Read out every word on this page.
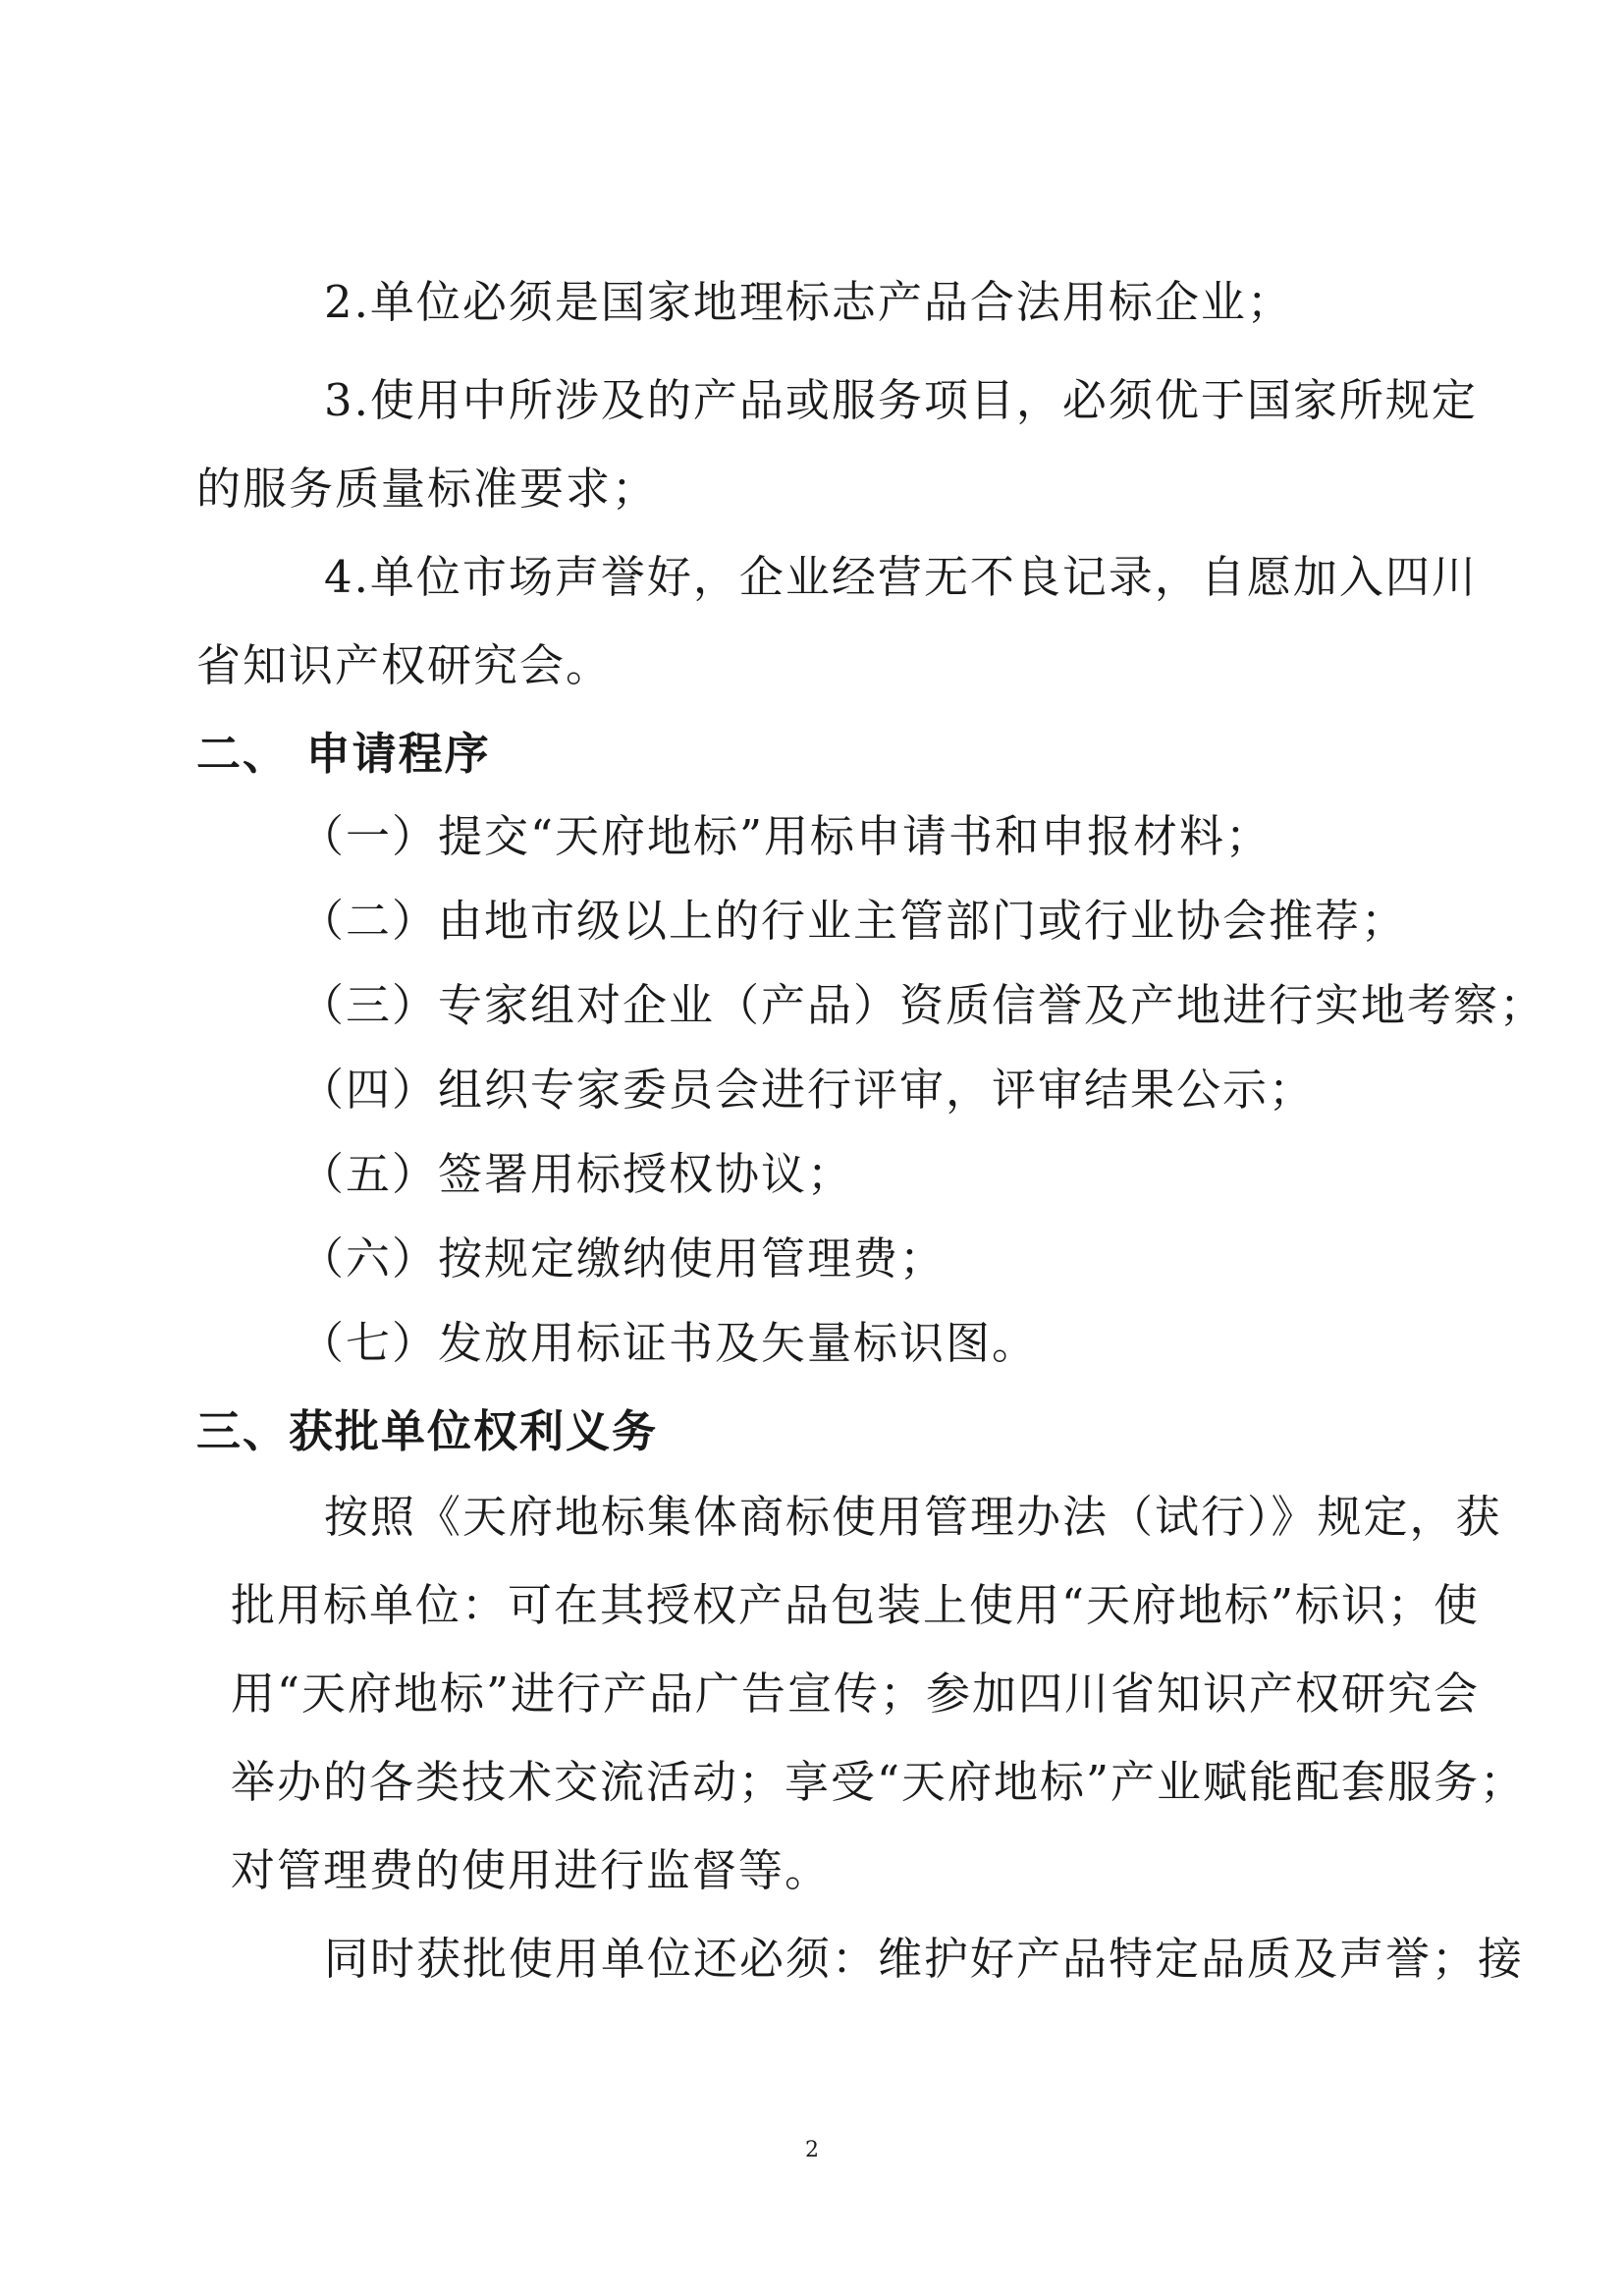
2.单位必须是国家地理标志产品合法用标企业；
3.使用中所涉及的产品或服务项目，必须优于国家所规定
的服务质量标准要求；
4.单位市场声誉好，企业经营无不良记录，自愿加入四川
省知识产权研究会。
二、 申请程序
（一）提交“天府地标”用标申请书和申报材料；
（二）由地市级以上的行业主管部门或行业协会推荐；
（三）专家组对企业（产品）资质信誉及产地进行实地考察；
（四）组织专家委员会进行评审，评审结果公示；
（五）签署用标授权协议；
（六）按规定缴纳使用管理费；
（七）发放用标证书及矢量标识图。
三、获批单位权利义务
按照《天府地标集体商标使用管理办法（试行）》规定，获
批用标单位：可在其授权产品包装上使用“天府地标”标识；使
用“天府地标”进行产品广告宣传；参加四川省知识产权研究会
举办的各类技术交流活动；享受“天府地标”产业赋能配套服务；
对管理费的使用进行监督等。
同时获批使用单位还必须：维护好产品特定品质及声誉；接
2
